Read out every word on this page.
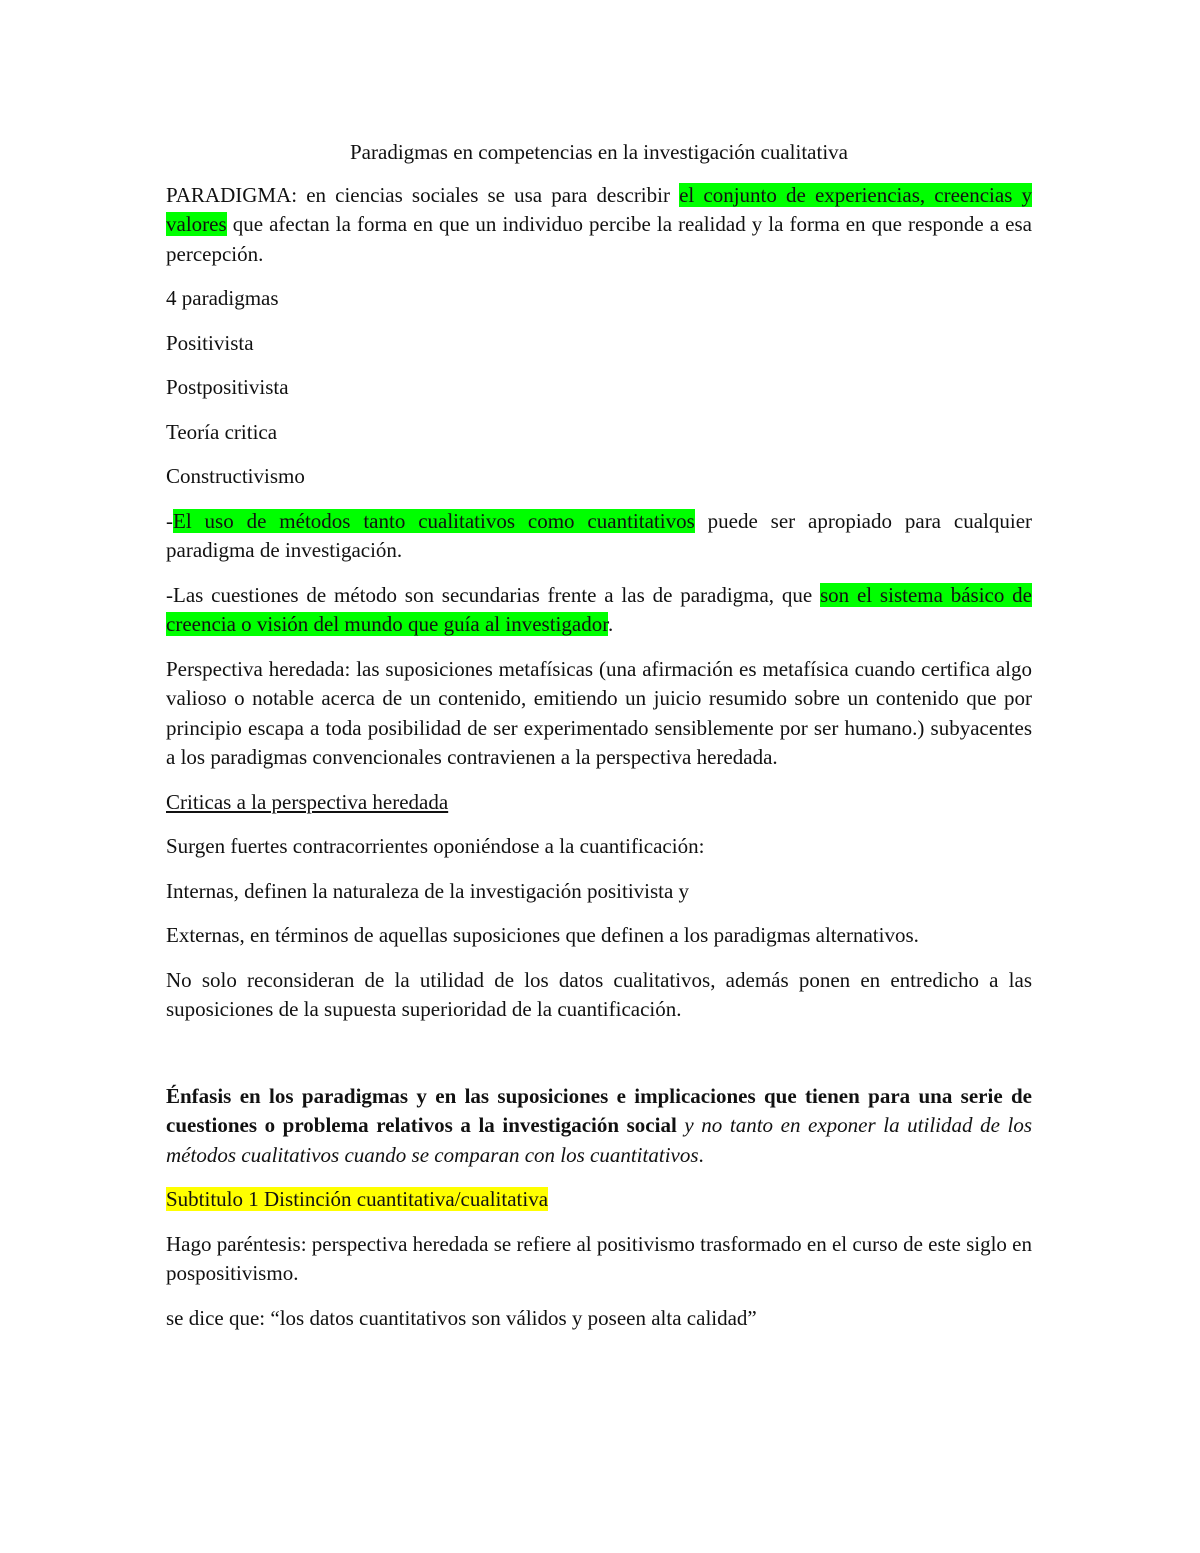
Paradigmas en competencias en la investigación cualitativa
PARADIGMA: en ciencias sociales se usa para describir el conjunto de experiencias, creencias y valores que afectan la forma en que un individuo percibe la realidad y la forma en que responde a esa percepción.
4 paradigmas
Positivista
Postpositivista
Teoría critica
Constructivismo
-El uso de métodos tanto cualitativos como cuantitativos puede ser apropiado para cualquier paradigma de investigación.
-Las cuestiones de método son secundarias frente a las de paradigma, que son el sistema básico de creencia o visión del mundo que guía al investigador.
Perspectiva heredada: las suposiciones metafísicas (una afirmación es metafísica cuando certifica algo valioso o notable acerca de un contenido, emitiendo un juicio resumido sobre un contenido que por principio escapa a toda posibilidad de ser experimentado sensiblemente por ser humano.) subyacentes a los paradigmas convencionales contravienen a la perspectiva heredada.
Criticas a la perspectiva heredada
Surgen fuertes contracorrientes oponiéndose a la cuantificación:
Internas, definen la naturaleza de la investigación positivista y
Externas, en términos de aquellas suposiciones que definen a los paradigmas alternativos.
No solo reconsideran de la utilidad de los datos cualitativos, además ponen en entredicho a las suposiciones de la supuesta superioridad de la cuantificación.
Énfasis en los paradigmas y en las suposiciones e implicaciones que tienen para una serie de cuestiones o problema relativos a la investigación social y no tanto en exponer la utilidad de los métodos cualitativos cuando se comparan con los cuantitativos.
Subtitulo 1 Distinción cuantitativa/cualitativa
Hago paréntesis: perspectiva heredada se refiere al positivismo trasformado en el curso de este siglo en pospositivismo.
se dice que: “los datos cuantitativos son válidos y poseen alta calidad”
